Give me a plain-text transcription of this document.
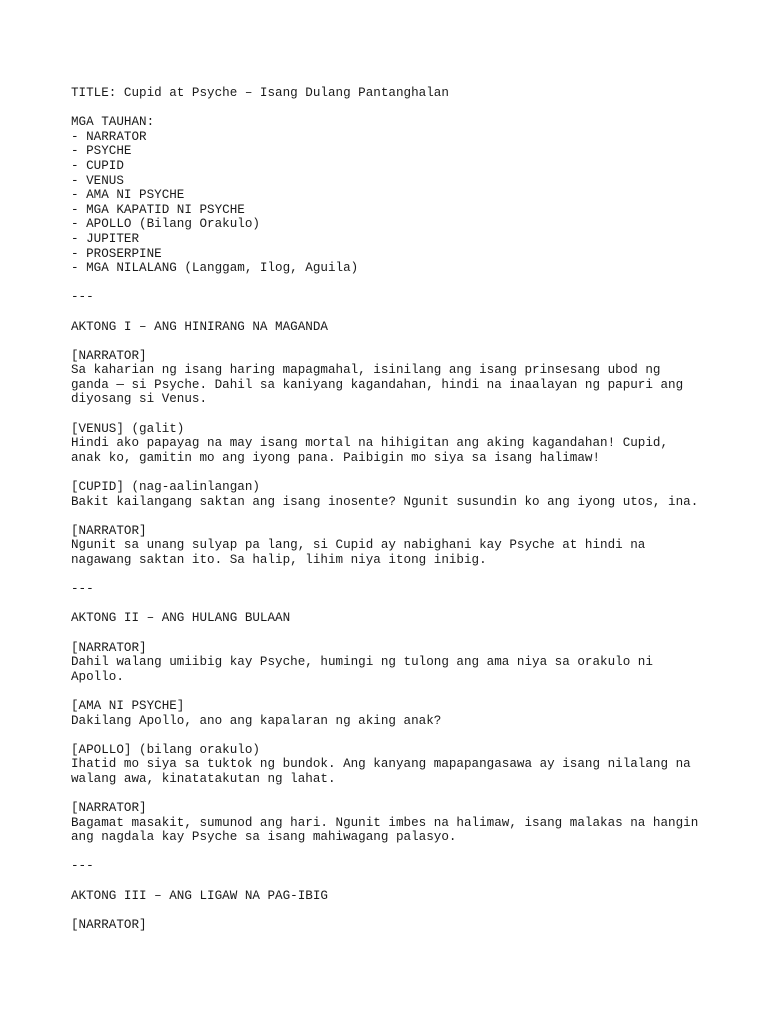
TITLE: Cupid at Psyche – Isang Dulang Pantanghalan
MGA TAUHAN:
- NARRATOR
- PSYCHE
- CUPID
- VENUS
- AMA NI PSYCHE
- MGA KAPATID NI PSYCHE
- APOLLO (Bilang Orakulo)
- JUPITER
- PROSERPINE
- MGA NILALANG (Langgam, Ilog, Aguila)
---
AKTONG I – ANG HINIRANG NA MAGANDA
[NARRATOR]
Sa kaharian ng isang haring mapagmahal, isinilang ang isang prinsesang ubod ng
ganda — si Psyche. Dahil sa kaniyang kagandahan, hindi na inaalayan ng papuri ang
diyosang si Venus.
[VENUS] (galit)
Hindi ako papayag na may isang mortal na hihigitan ang aking kagandahan! Cupid,
anak ko, gamitin mo ang iyong pana. Paibigin mo siya sa isang halimaw!
[CUPID] (nag-aalinlangan)
Bakit kailangang saktan ang isang inosente? Ngunit susundin ko ang iyong utos, ina.
[NARRATOR]
Ngunit sa unang sulyap pa lang, si Cupid ay nabighani kay Psyche at hindi na
nagawang saktan ito. Sa halip, lihim niya itong inibig.
---
AKTONG II – ANG HULANG BULAAN
[NARRATOR]
Dahil walang umiibig kay Psyche, humingi ng tulong ang ama niya sa orakulo ni
Apollo.
[AMA NI PSYCHE]
Dakilang Apollo, ano ang kapalaran ng aking anak?
[APOLLO] (bilang orakulo)
Ihatid mo siya sa tuktok ng bundok. Ang kanyang mapapangasawa ay isang nilalang na
walang awa, kinatatakutan ng lahat.
[NARRATOR]
Bagamat masakit, sumunod ang hari. Ngunit imbes na halimaw, isang malakas na hangin
ang nagdala kay Psyche sa isang mahiwagang palasyo.
---
AKTONG III – ANG LIGAW NA PAG-IBIG
[NARRATOR]
